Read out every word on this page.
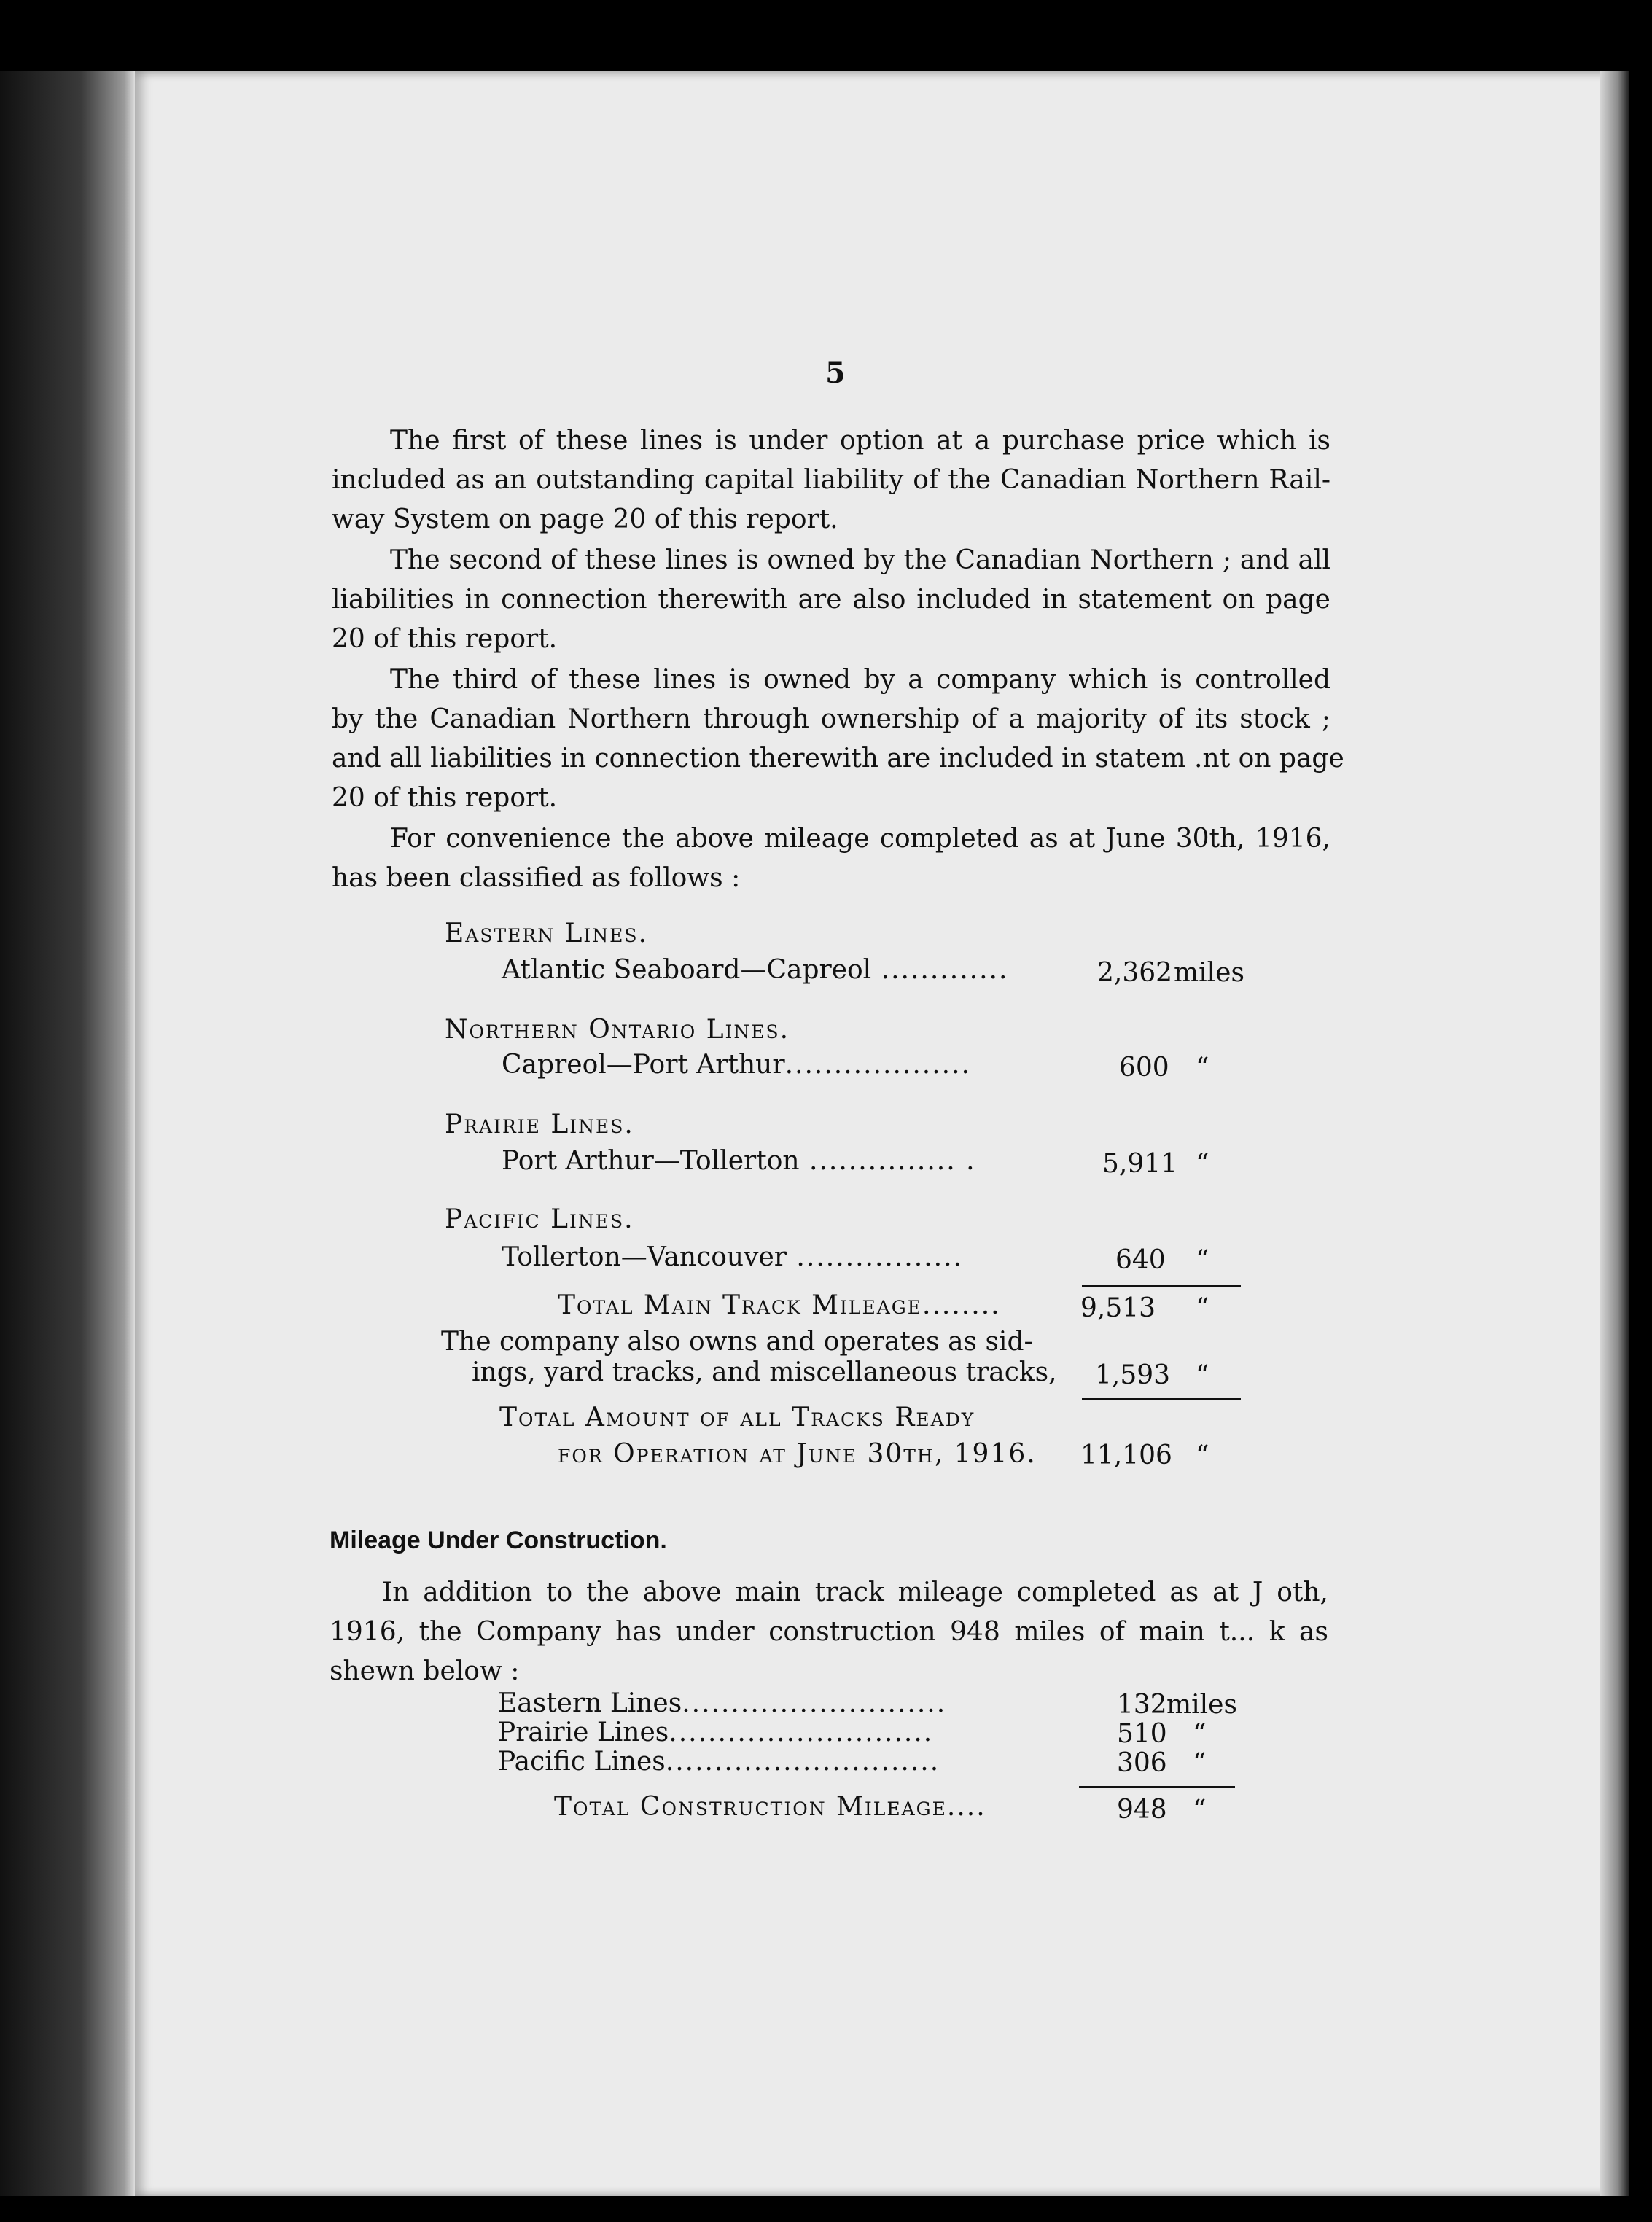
5
The first of these lines is under option at a purchase price which is
included as an outstanding capital liability of the Canadian Northern Rail-
way System on page 20 of this report.
The second of these lines is owned by the Canadian Northern ; and all
liabilities in connection therewith are also included in statement on page
20 of this report.
The third of these lines is owned by a company which is controlled
by the Canadian Northern through ownership of a majority of its stock ;
and all liabilities in connection therewith are included in statem .nt on page
20 of this report.
For convenience the above mileage completed as at June 30th, 1916,
has been classified as follows :
Eastern Lines.
Atlantic Seaboard—Capreol .............	2,362 miles
Northern Ontario Lines.
Capreol—Port Arthur...................	600 “
Prairie Lines.
Port Arthur—Tollerton ............... .	5,911 “
Pacific Lines.
Tollerton—Vancouver .................	640 “
Total Main Track Mileage........	9,513 “
The company also owns and operates as sid-
ings, yard tracks, and miscellaneous tracks, 1,593 “
Total Amount of all Tracks Ready
for Operation at June 30th, 1916. 11,106 “
Mileage Under Construction.
In addition to the above main track mileage completed as at J oth,
1916, the Company has under construction 948 miles of main t... k as
shewn below :
Eastern Lines...........................	132 miles
Prairie Lines...........................	510 “
Pacific Lines............................	306 “
Total Construction Mileage....	948 “
